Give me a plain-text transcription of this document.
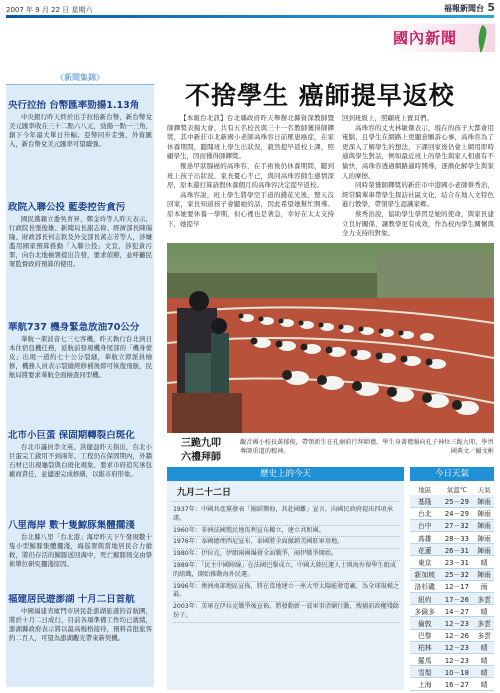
2007 年 9 月 22 日 星期六	福報新聞台 5
國內新聞
《新聞集錦》
央行拉抬 台幣匯率勁揚1.13角

中央銀行昨天終於出手拉抬新台幣，新台幣兌美元匯率收在三十二點六八元，勁揚一點一三角，創下今年最大單日升幅；亞幣同步走強，外資匯入，新台幣兌美元匯率可望續強。

政院入聯公投 藍委控告貪污

國民黨籍立委吳育昇、鄭金玲等人昨天表示，行政院長張俊雄、新聞局長謝志偉、經濟部長陳瑞隆、財政部長何志欽及外交部長黃志芳等人，涉嫌濫用國家預算推動「入聯公投」文宣，涉犯貪污罪，向台北地檢署提出告發，要求偵辦，並呼籲民眾監督政府預算的使用。

華航737 機身緊急放油70公分

華航一架波音七三七客機，昨天執行台北到日本住宿包機任務，返航前發現機身尾部的「機身蒙皮」出現一道約七十公分裂縫，華航立即派員檢修，機務人員表示裂縫經修補後即可恢復飛航，民航局將要求華航全面檢查同型機。

北市小巨蛋 保固期轉裂白斑化

台北市議員李文英、洪健益昨天指出，台北小巨蛋完工啟用不到兩年，工程仍在保固期內，外牆石材已出現龜裂與白斑化現象，要求市府追究承包廠商責任，並儘速完成修繕，以維市府形象。

八里海岸 數十隻鯨豚集體擱淺

台北縣八里「台北港」海岸昨天下午發現數十隻小型鯨豚集體擱淺，海巡署與當地居民合力搶救，將仍存活的鯨豚送回海中，死亡鯨豚則交由學術單位研究擱淺原因。

福建居民遊澎湖 十月二日首航

中國福建省廈門市居民赴澎湖旅遊的首航團，將於十月二日成行，目前各項準備工作均已就緒，澎湖縣政府表示將以最高規格接待，預料首批旅客約二百人，可望為澎湖觀光帶來新契機。

不捨學生 癌師提早返校

【本報台北訊】台北縣政府昨天舉辦北縣資深教師暨師鐸獎表揚大會，共有五名校長與三十一名教師獲得師鐸獎，其中新莊市北新國小老師高珠容日前罹患癌症，在家休養期間，聽聞班上學生出狀況，毅然提早返校上課，照顧學生，因而獲得師鐸獎。

罹患甲狀腺癌的高珠容，在手術後仍休養期間，聽到班上孩子出狀況，家長憂心不已，與同高珠容師生感情深厚，原本還打算請假休養個月的高珠容決定提早返校。

高珠容說，班上學生將學空手道的錢花光後，整天沒回家，家長知道孩子會聽她的話，因此希望她幫忙開導。原本她要休養一學期，但心裡也是著急，幸好在太太支持下，她提早

回到班級上，照顧班上寶貝們。

高珠容的丈夫林敏傑表示，現在的孩子大都會用電腦，且學生在網路上更顯意願訴心事，高珠容為了更深入了解學生的想法，下課回家後仍會上網用即時通與學生對話，例如最近班上的學生與家人相處有不愉快，高珠容透過網路適時開導，逐漸化解學生與家人的摩擦。

同時榮獲師鐸獎的新莊市中港國小老師蔡秀治，經常騎單車帶學生探訪社區文化，結合在地人文特色進行教學，帶領學生認識家鄉。

蔡秀治說，協助學生學習是她的使命，與家長建立良好關係，讓教學更有成效，作為校內學生關懷與全力支持的對象。

三跪九叩 六禮拜師
觀音國小校長黃郁俊，帶領新生在孔廟前行拜師禮，學生身著禮服向孔子神位三跪九叩，學習尊師重道的精神。	國典文／攝文彬
歷史上的今天
九月二十二日
1937年：中國共產黨發表「團結禦侮，共赴國難」宣言，向國民政府提出四項承諾。
1960年：非洲法國殖民地馬利宣布獨立，建立共和國。
1976年：泰國總理西尼宣布，泰國將全面撤銷美國駐軍基地。
1980年：伊拉克、伊朗兩國爆發全面戰爭，兩伊戰爭開始。
1989年：「民主中國陣線」在法國巴黎成立，中國大陸民運人士與海外留學生組成的組織，開始推動海外民運。
1996年：澳洲南部地區宣佈，將在當地建立一座大型太陽能發電廠，為全球規模之最。
2003年：美軍在伊拉克戰爭後宣佈，將發動新一波軍事清剿行動，搜捕前政權殘餘份子。
今日天氣
地區	氣溫℃	天氣
基隆	25－29	陣雨
台北	24－29	陣雨
台中	27－32	陣雨
高雄	28－33	陣雨
花蓮	26－31	陣雨
東京	23－31	晴
新加坡	25－32	陣雨
洛杉磯	12－17	雨
紐約	17－26	多雲
多倫多	14－27	晴
倫敦	12－23	多雲
巴黎	12－26	多雲
柏林	12－23	晴
羅馬	12－23	晴
雪梨	10－18	晴
上海	16－27	晴
